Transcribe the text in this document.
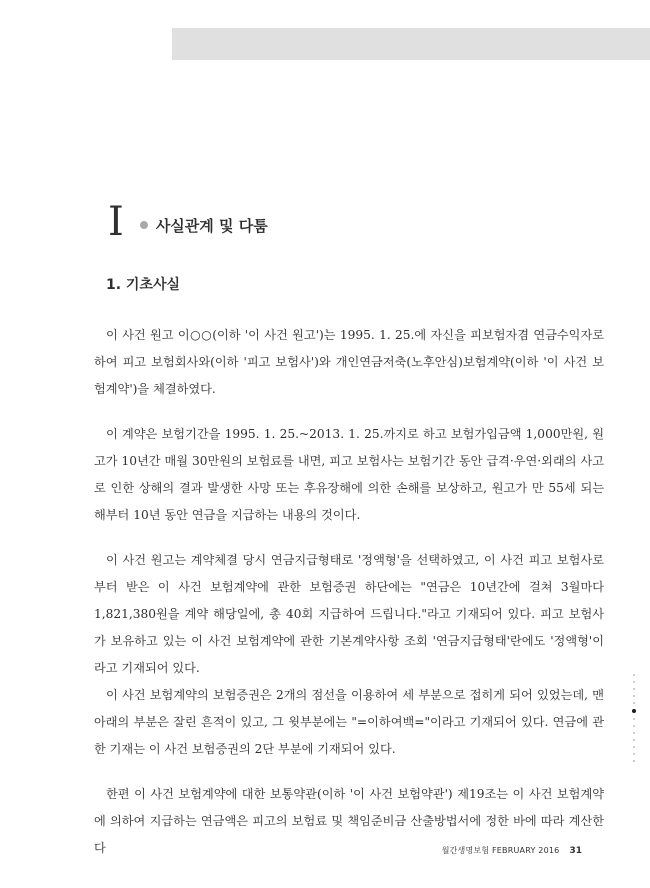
I 사실관계 및 다툼
1. 기초사실

이 사건 원고 이○○(이하 '이 사건 원고')는 1995. 1. 25.에 자신을 피보험자겸 연금수익자로 하여 피고 보험회사와(이하 '피고 보험사')와 개인연금저축(노후안심)보험계약(이하 '이 사건 보험계약')을 체결하였다.

이 계약은 보험기간을 1995. 1. 25.~2013. 1. 25.까지로 하고 보험가입금액 1,000만원, 원고가 10년간 매월 30만원의 보험료를 내면, 피고 보험사는 보험기간 동안 급격·우연·외래의 사고로 인한 상해의 결과 발생한 사망 또는 후유장해에 의한 손해를 보상하고, 원고가 만 55세 되는 해부터 10년 동안 연금을 지급하는 내용의 것이다.

이 사건 원고는 계약체결 당시 연금지급형태로 '정액형'을 선택하였고, 이 사건 피고 보험사로부터 받은 이 사건 보험계약에 관한 보험증권 하단에는 "연금은 10년간에 걸쳐 3월마다 1,821,380원을 계약 해당일에, 총 40회 지급하여 드립니다."라고 기재되어 있다. 피고 보험사가 보유하고 있는 이 사건 보험계약에 관한 기본계약사항 조회 '연금지급형태'란에도 '정액형'이라고 기재되어 있다.

이 사건 보험계약의 보험증권은 2개의 점선을 이용하여 세 부분으로 접히게 되어 있었는데, 맨 아래의 부분은 잘린 흔적이 있고, 그 윗부분에는 "=이하여백="이라고 기재되어 있다. 연금에 관한 기재는 이 사건 보험증권의 2단 부분에 기재되어 있다.

한편 이 사건 보험계약에 대한 보통약관(이하 '이 사건 보험약관') 제19조는 이 사건 보험계약에 의하여 지급하는 연금액은 피고의 보험료 및 책임준비금 산출방법서에 정한 바에 따라 계산한다	월간생명보험 FEBRUARY 2016 31
